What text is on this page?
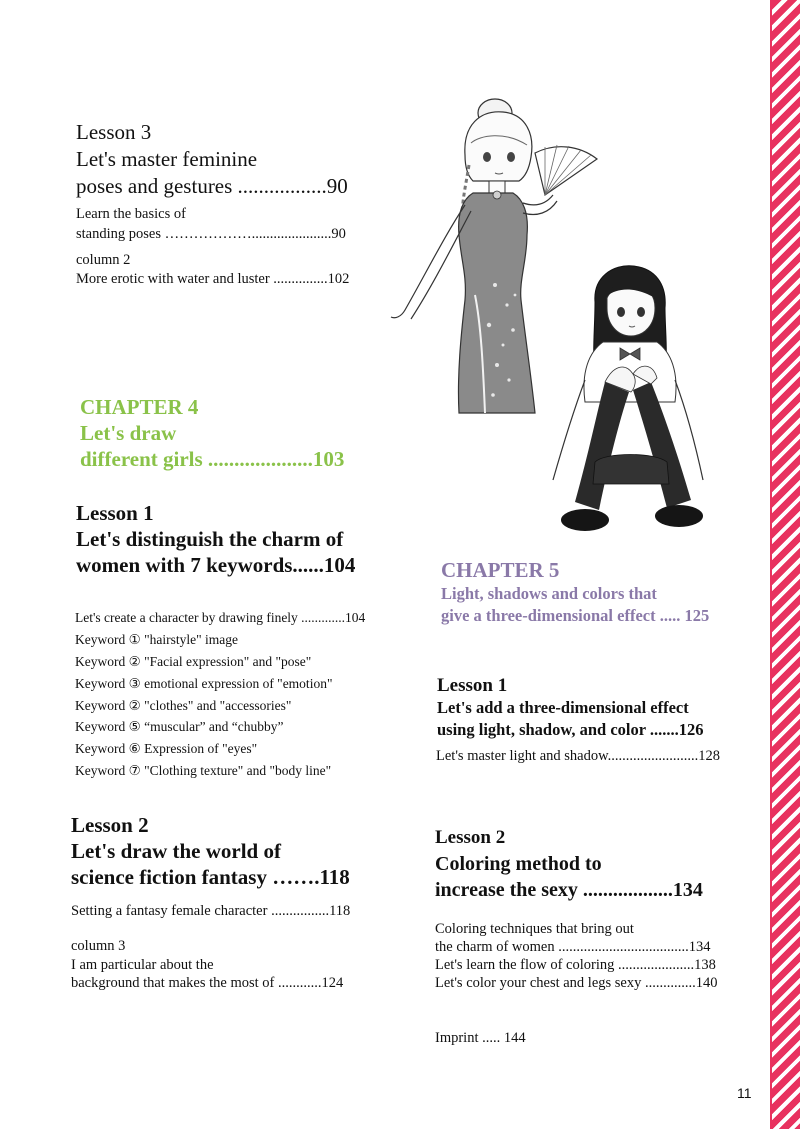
Lesson 3
Let's master feminine
poses and gestures .................90
Learn the basics of
standing poses ………………......................90
column 2
More erotic with water and luster ...............102
CHAPTER 4
Let's draw
different girls ....................103
Lesson 1
Let's distinguish the charm of
women with 7 keywords......104
Let's create a character by drawing finely .............104
Keyword ① "hairstyle" image
Keyword ② "Facial expression" and "pose"
Keyword ③ emotional expression of "emotion"
Keyword ② "clothes" and "accessories"
Keyword ⑤ “muscular” and “chubby”
Keyword ⑥ Expression of "eyes"
Keyword ⑦ "Clothing texture" and "body line"
Lesson 2
Let's draw the world of
science fiction fantasy …….118
Setting a fantasy female character ................118
column 3
I am particular about the
background that makes the most of ............124
CHAPTER 5
Light, shadows and colors that
give a three-dimensional effect ..... 125
Lesson 1
Let's add a three-dimensional effect
using light, shadow, and color .......126
Let's master light and shadow.........................128
Lesson 2
Coloring method to
increase the sexy ..................134
Coloring techniques that bring out
the charm of women ....................................134
Let's learn the flow of coloring .....................138
Let's color your chest and legs sexy ..............140
Imprint ..... 144
11
